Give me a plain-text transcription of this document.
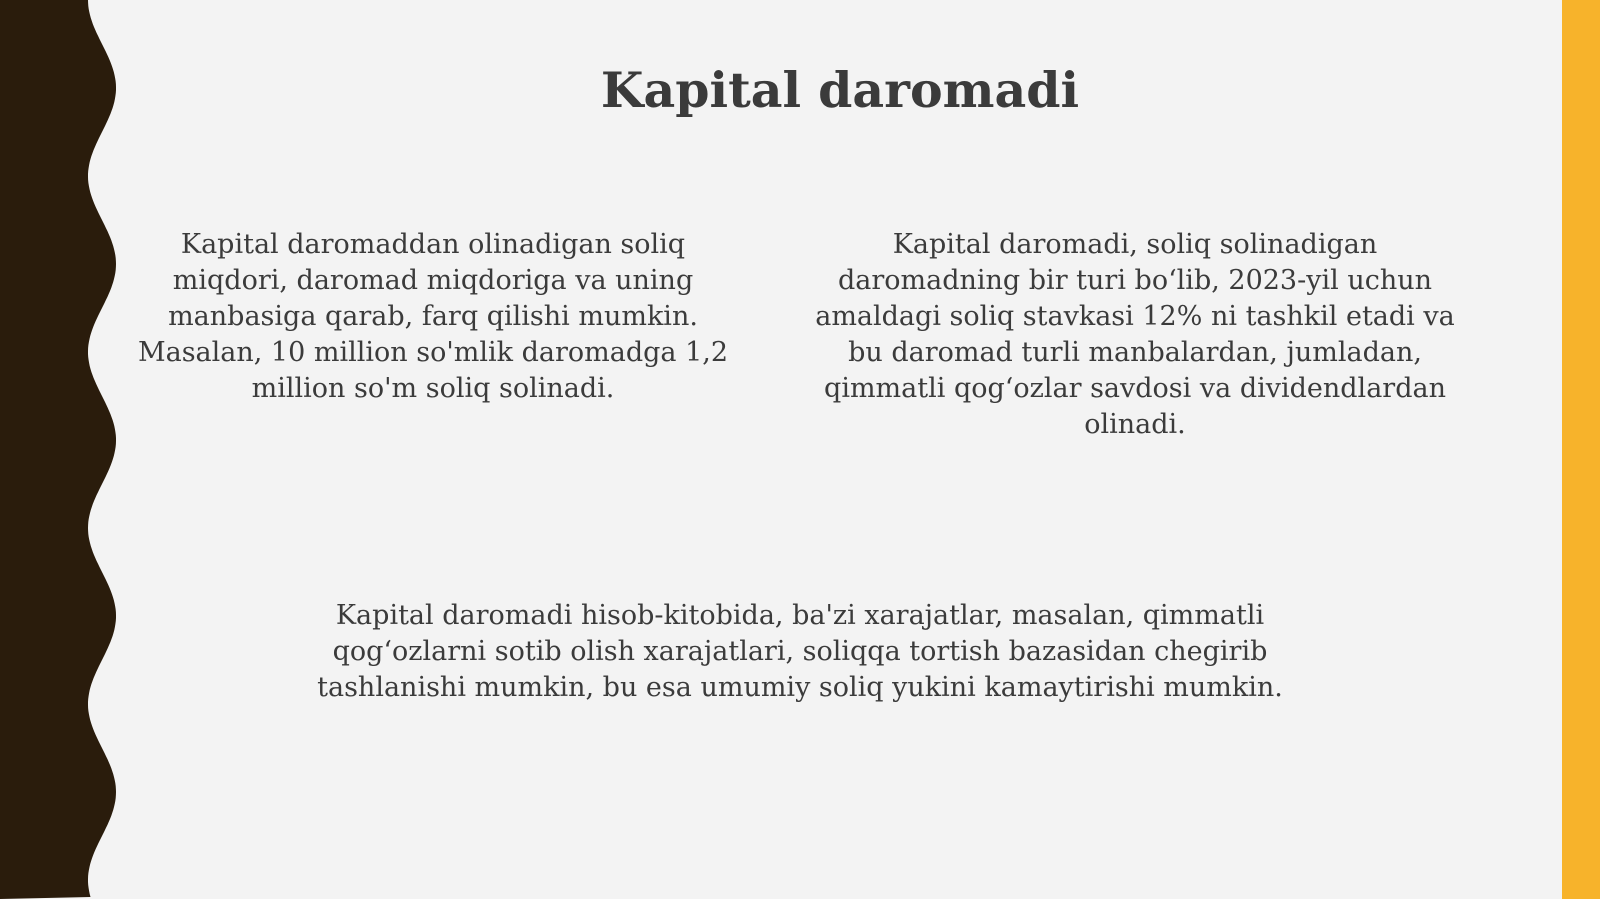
Kapital daromadi

Kapital daromaddan olinadigan soliq
miqdori, daromad miqdoriga va uning
manbasiga qarab, farq qilishi mumkin.
Masalan, 10 million so'mlik daromadga 1,2
million so'm soliq solinadi.

Kapital daromadi, soliq solinadigan
daromadning bir turi bo‘lib, 2023-yil uchun
amaldagi soliq stavkasi 12% ni tashkil etadi va
bu daromad turli manbalardan, jumladan,
qimmatli qog‘ozlar savdosi va dividendlardan
olinadi.

Kapital daromadi hisob-kitobida, ba'zi xarajatlar, masalan, qimmatli
qog‘ozlarni sotib olish xarajatlari, soliqqa tortish bazasidan chegirib
tashlanishi mumkin, bu esa umumiy soliq yukini kamaytirishi mumkin.
